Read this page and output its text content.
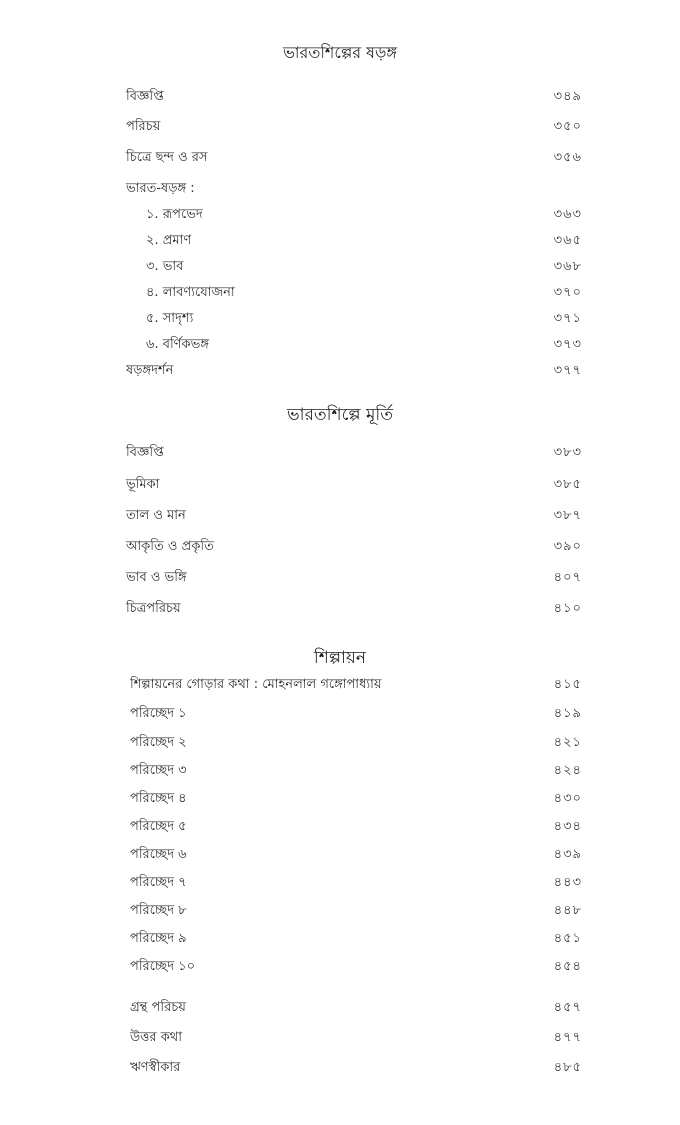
ভারতশিল্পের ষড়ঙ্গ
বিজ্ঞপ্তি	৩৪৯
পরিচয়	৩৫০
চিত্রে ছন্দ ও রস	৩৫৬
ভারত-ষড়ঙ্গ :
১. রূপভেদ	৩৬৩
২. প্রমাণ	৩৬৫
৩. ভাব	৩৬৮
৪. লাবণ্যযোজনা	৩৭০
৫. সাদৃশ্য	৩৭১
৬. বর্ণিকভঙ্গ	৩৭৩
ষড়ঙ্গদর্শন	৩৭৭
ভারতশিল্পে মূর্তি
বিজ্ঞপ্তি	৩৮৩
ভূমিকা	৩৮৫
তাল ও মান	৩৮৭
আকৃতি ও প্রকৃতি	৩৯০
ভাব ও ভঙ্গি	৪০৭
চিত্রপরিচয়	৪১০
শিল্পায়ন
শিল্পায়নের গোড়ার কথা : মোহনলাল গঙ্গোপাধ্যায়	৪১৫
পরিচ্ছেদ ১	৪১৯
পরিচ্ছেদ ২	৪২১
পরিচ্ছেদ ৩	৪২৪
পরিচ্ছেদ ৪	৪৩০
পরিচ্ছেদ ৫	৪৩৪
পরিচ্ছেদ ৬	৪৩৯
পরিচ্ছেদ ৭	৪৪৩
পরিচ্ছেদ ৮	৪৪৮
পরিচ্ছেদ ৯	৪৫১
পরিচ্ছেদ ১০	৪৫৪
গ্রন্থ পরিচয়	৪৫৭
উত্তর কথা	৪৭৭
ঋণস্বীকার	৪৮৫
